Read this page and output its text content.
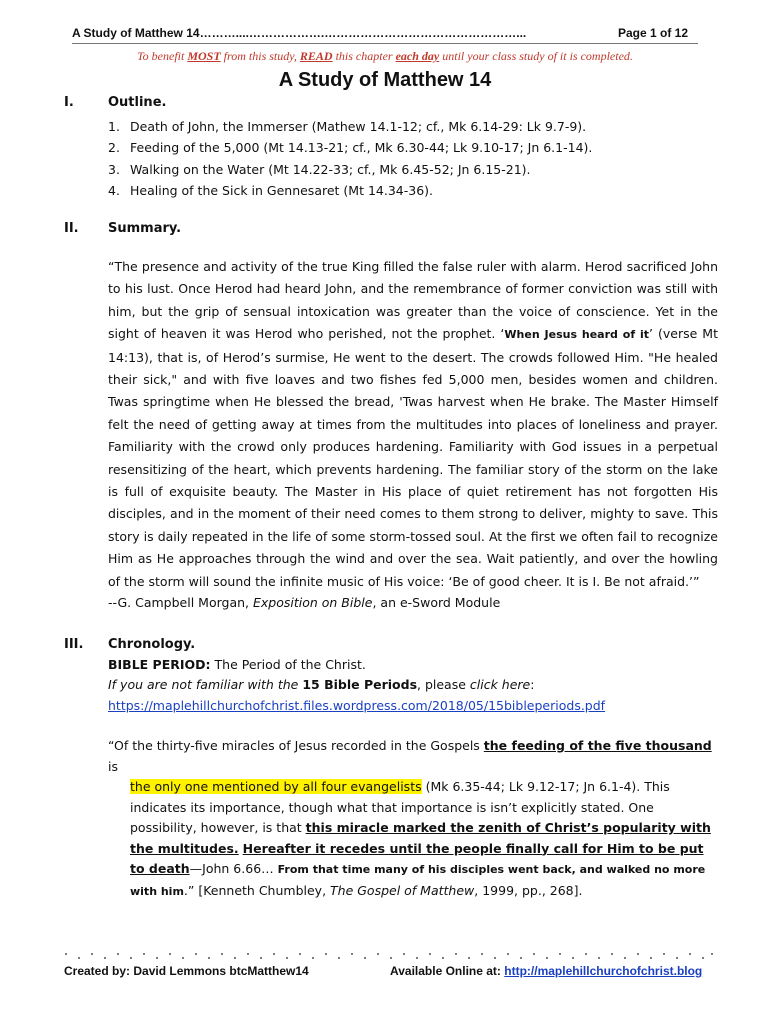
A Study of Matthew 14………....……………….…………………………………………...	Page 1 of 12
To benefit MOST from this study, READ this chapter each day until your class study of it is completed.
A Study of Matthew 14
I.	Outline.
1. Death of John, the Immerser (Mathew 14.1-12; cf., Mk 6.14-29: Lk 9.7-9).
2. Feeding of the 5,000 (Mt 14.13-21; cf., Mk 6.30-44; Lk 9.10-17; Jn 6.1-14).
3. Walking on the Water (Mt 14.22-33; cf., Mk 6.45-52; Jn 6.15-21).
4. Healing of the Sick in Gennesaret (Mt 14.34-36).
II. Summary.
“The presence and activity of the true King filled the false ruler with alarm. Herod sacrificed John to his lust. Once Herod had heard John, and the remembrance of former conviction was still with him, but the grip of sensual intoxication was greater than the voice of conscience. Yet in the sight of heaven it was Herod who perished, not the prophet. ‘When Jesus heard of it’ (verse Mt 14:13), that is, of Herod’s surmise, He went to the desert. The crowds followed Him. "He healed their sick," and with five loaves and two fishes fed 5,000 men, besides women and children. Twas springtime when He blessed the bread, 'Twas harvest when He brake. The Master Himself felt the need of getting away at times from the multitudes into places of loneliness and prayer. Familiarity with the crowd only produces hardening. Familiarity with God issues in a perpetual resensitizing of the heart, which prevents hardening. The familiar story of the storm on the lake is full of exquisite beauty. The Master in His place of quiet retirement has not forgotten His disciples, and in the moment of their need comes to them strong to deliver, mighty to save. This story is daily repeated in the life of some storm-tossed soul. At the first we often fail to recognize Him as He approaches through the wind and over the sea. Wait patiently, and over the howling of the storm will sound the infinite music of His voice: ‘Be of good cheer. It is I. Be not afraid.’”
--G. Campbell Morgan, Exposition on Bible, an e-Sword Module
III. Chronology.
BIBLE PERIOD: The Period of the Christ.
If you are not familiar with the 15 Bible Periods, please click here:
https://maplehillchurchofchrist.files.wordpress.com/2018/05/15bibleperiods.pdf
“Of the thirty-five miracles of Jesus recorded in the Gospels the feeding of the five thousand is
the only one mentioned by all four evangelists (Mk 6.35-44; Lk 9.12-17; Jn 6.1-4). This indicates its importance, though what that importance is isn’t explicitly stated. One possibility, however, is that this miracle marked the zenith of Christ’s popularity with the multitudes. Hereafter it recedes until the people finally call for Him to be put to death—John 6.66… From that time many of his disciples went back, and walked no more with him.” [Kenneth Chumbley, The Gospel of Matthew, 1999, pp., 268].
Created by: David Lemmons btcMatthew14	Available Online at: http://maplehillchurchofchrist.blog
